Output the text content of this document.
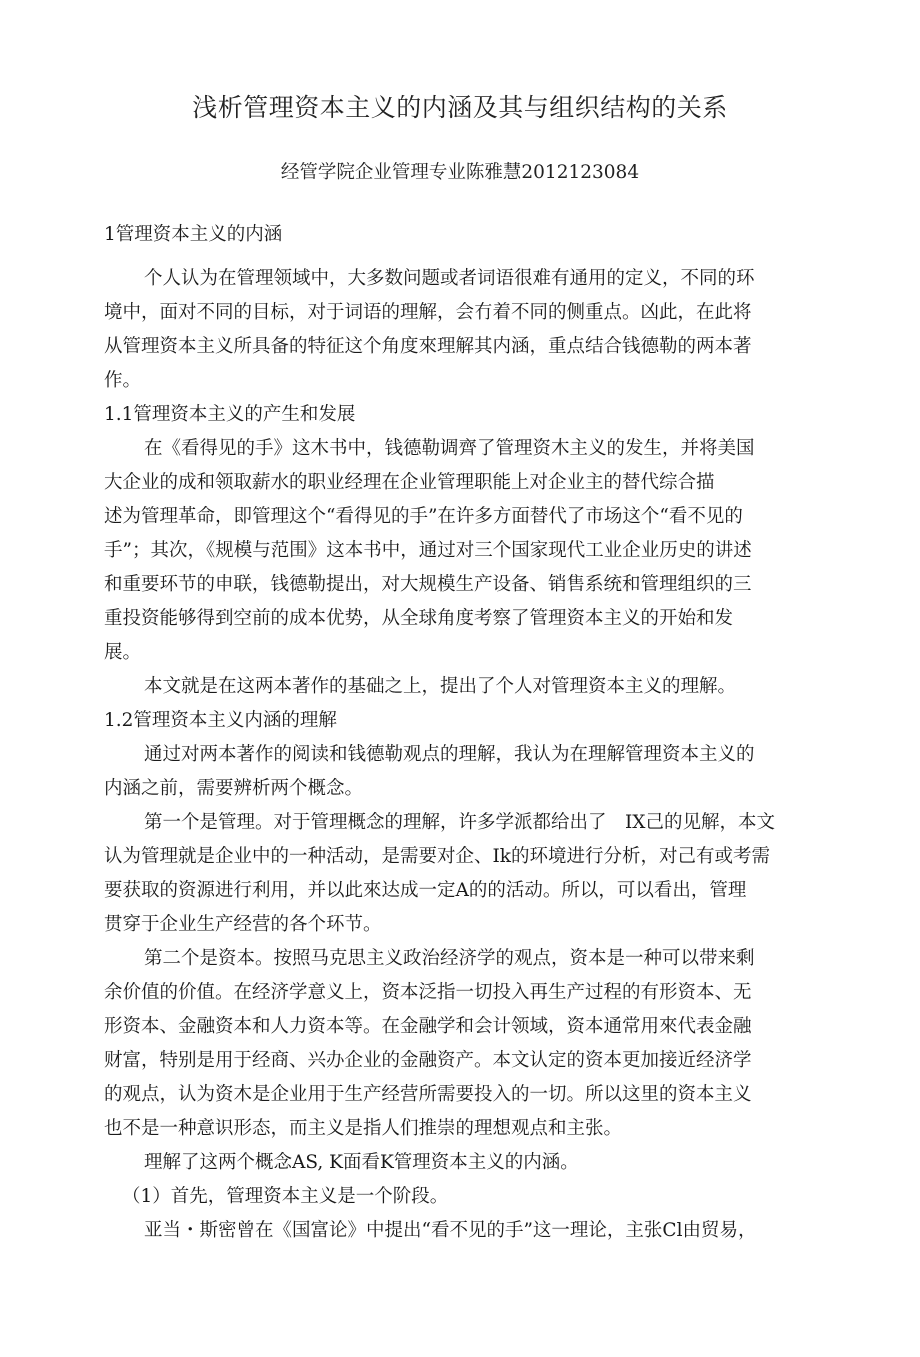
浅析管理资本主义的内涵及其与组织结构的关系
经管学院企业管理专业陈雅慧2012123084
1管理资本主义的内涵
个人认为在管理领域中，大多数问题或者词语很难有通用的定义，不同的环
境中，面对不同的目标，对于词语的理解，会冇着不同的侧重点。凶此，在此将
从管理资本主义所具备的特征这个角度來理解其内涵，重点结合钱德勒的两本著
作。
1.1管理资本主义的产生和发展
在《看得见的手》这木书中，钱德勒调齊了管理资木主义的发生，并将美国
大企业的成和领取薪水的职业经理在企业管理职能上对企业主的替代综合描
述为管理革命，即管理这个“看得见的手”在许多方面替代了市场这个“看不见的
手”；其次，《规模与范围》这本书中，通过对三个国家现代工业企业历史的讲述
和重要环节的申联，钱德勒提出，对大规模生产设备、销售系统和管理组织的三
重投资能够得到空前的成本优势，从全球角度考察了管理资本主义的开始和发
展。
本文就是在这两本著作的基础之上，提出了个人对管理资本主义的理解。
1.2管理资本主义内涵的理解
通过对两本著作的阅读和钱德勒观点的理解，我认为在理解管理资本主义的
内涵之前，需要辨析两个概念。
第一个是管理。对于管理概念的理解，许多学派都给出了　IX己的见解，本文
认为管理就是企业中的一种活动，是需要对企、Ik的环境进行分析，对己有或考需
要获取的资源进行利用，并以此來达成一定A的的活动。所以，可以看出，管理
贯穿于企业生产经营的各个环节。
第二个是资本。按照马克思主义政治经济学的观点，资本是一种可以带来剩
余价值的价值。在经济学意义上，资本泛指一切投入再生产过程的有形资本、无
形资本、金融资本和人力资本等。在金融学和会计领域，资本通常用來代表金融
财富，特别是用于经商、兴办企业的金融资产。本文认定的资本更加接近经济学
的观点，认为资木是企业用于生产经营所需要投入的一切。所以这里的资本主义
也不是一种意识形态，而主义是指人们推崇的理想观点和主张。
理解了这两个概念AS, K面看K管理资本主义的内涵。
（1）首先，管理资本主义是一个阶段。
亚当・斯密曾在《国富论》中提出“看不见的手”这一理论，主张Cl由贸易，
